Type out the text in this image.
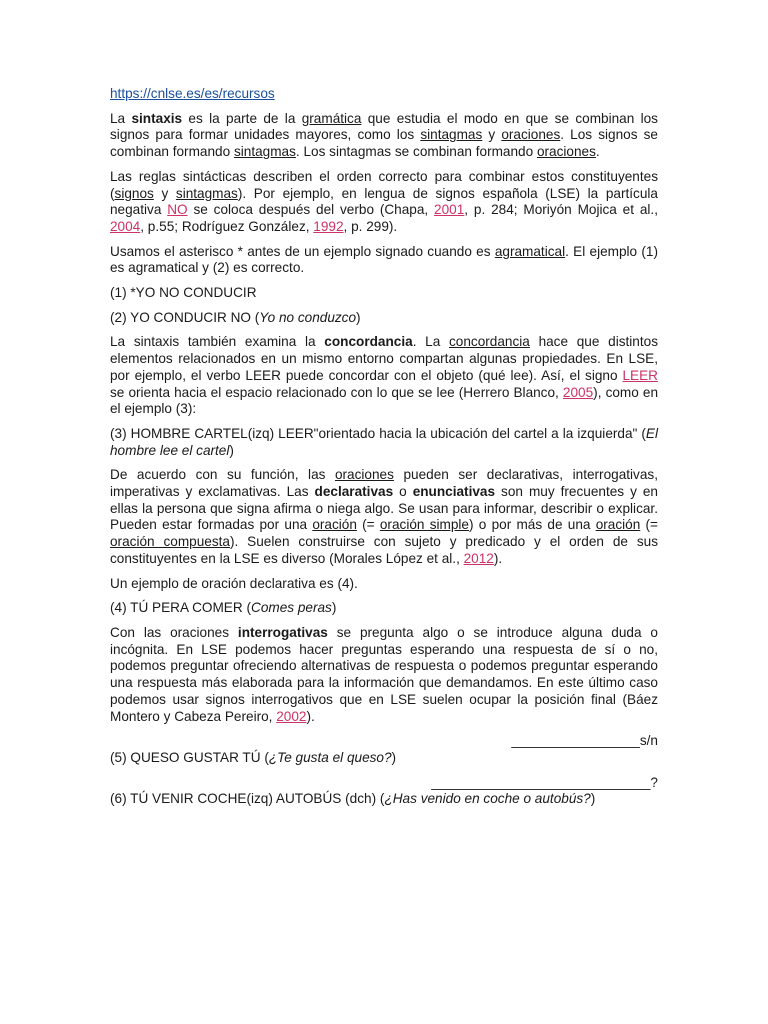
https://cnlse.es/es/recursos

La sintaxis es la parte de la gramática que estudia el modo en que se combinan los signos para formar unidades mayores, como los sintagmas y oraciones. Los signos se combinan formando sintagmas. Los sintagmas se combinan formando oraciones.

Las reglas sintácticas describen el orden correcto para combinar estos constituyentes (signos y sintagmas). Por ejemplo, en lengua de signos española (LSE) la partícula negativa NO se coloca después del verbo (Chapa, 2001, p. 284; Moriyón Mojica et al., 2004, p.55; Rodríguez González, 1992, p. 299).

Usamos el asterisco * antes de un ejemplo signado cuando es agramatical. El ejemplo (1) es agramatical y (2) es correcto.

(1) *YO NO CONDUCIR

(2) YO CONDUCIR NO (Yo no conduzco)

La sintaxis también examina la concordancia. La concordancia hace que distintos elementos relacionados en un mismo entorno compartan algunas propiedades. En LSE, por ejemplo, el verbo LEER puede concordar con el objeto (qué lee). Así, el signo LEER se orienta hacia el espacio relacionado con lo que se lee (Herrero Blanco, 2005), como en el ejemplo (3):

(3) HOMBRE CARTEL(izq) LEER"orientado hacia la ubicación del cartel a la izquierda" (El hombre lee el cartel)

De acuerdo con su función, las oraciones pueden ser declarativas, interrogativas, imperativas y exclamativas. Las declarativas o enunciativas son muy frecuentes y en ellas la persona que signa afirma o niega algo. Se usan para informar, describir o explicar. Pueden estar formadas por una oración (= oración simple) o por más de una oración (= oración compuesta). Suelen construirse con sujeto y predicado y el orden de sus constituyentes en la LSE es diverso (Morales López et al., 2012).

Un ejemplo de oración declarativa es (4).

(4) TÚ PERA COMER (Comes peras)

Con las oraciones interrogativas se pregunta algo o se introduce alguna duda o incógnita. En LSE podemos hacer preguntas esperando una respuesta de sí o no, podemos preguntar ofreciendo alternativas de respuesta o podemos preguntar esperando una respuesta más elaborada para la información que demandamos. En este último caso podemos usar signos interrogativos que en LSE suelen ocupar la posición final (Báez Montero y Cabeza Pereiro, 2002).

_________________s/n

(5) QUESO GUSTAR TÚ (¿Te gusta el queso?)

_____________________________?

(6) TÚ VENIR COCHE(izq) AUTOBÚS (dch) (¿Has venido en coche o autobús?)
